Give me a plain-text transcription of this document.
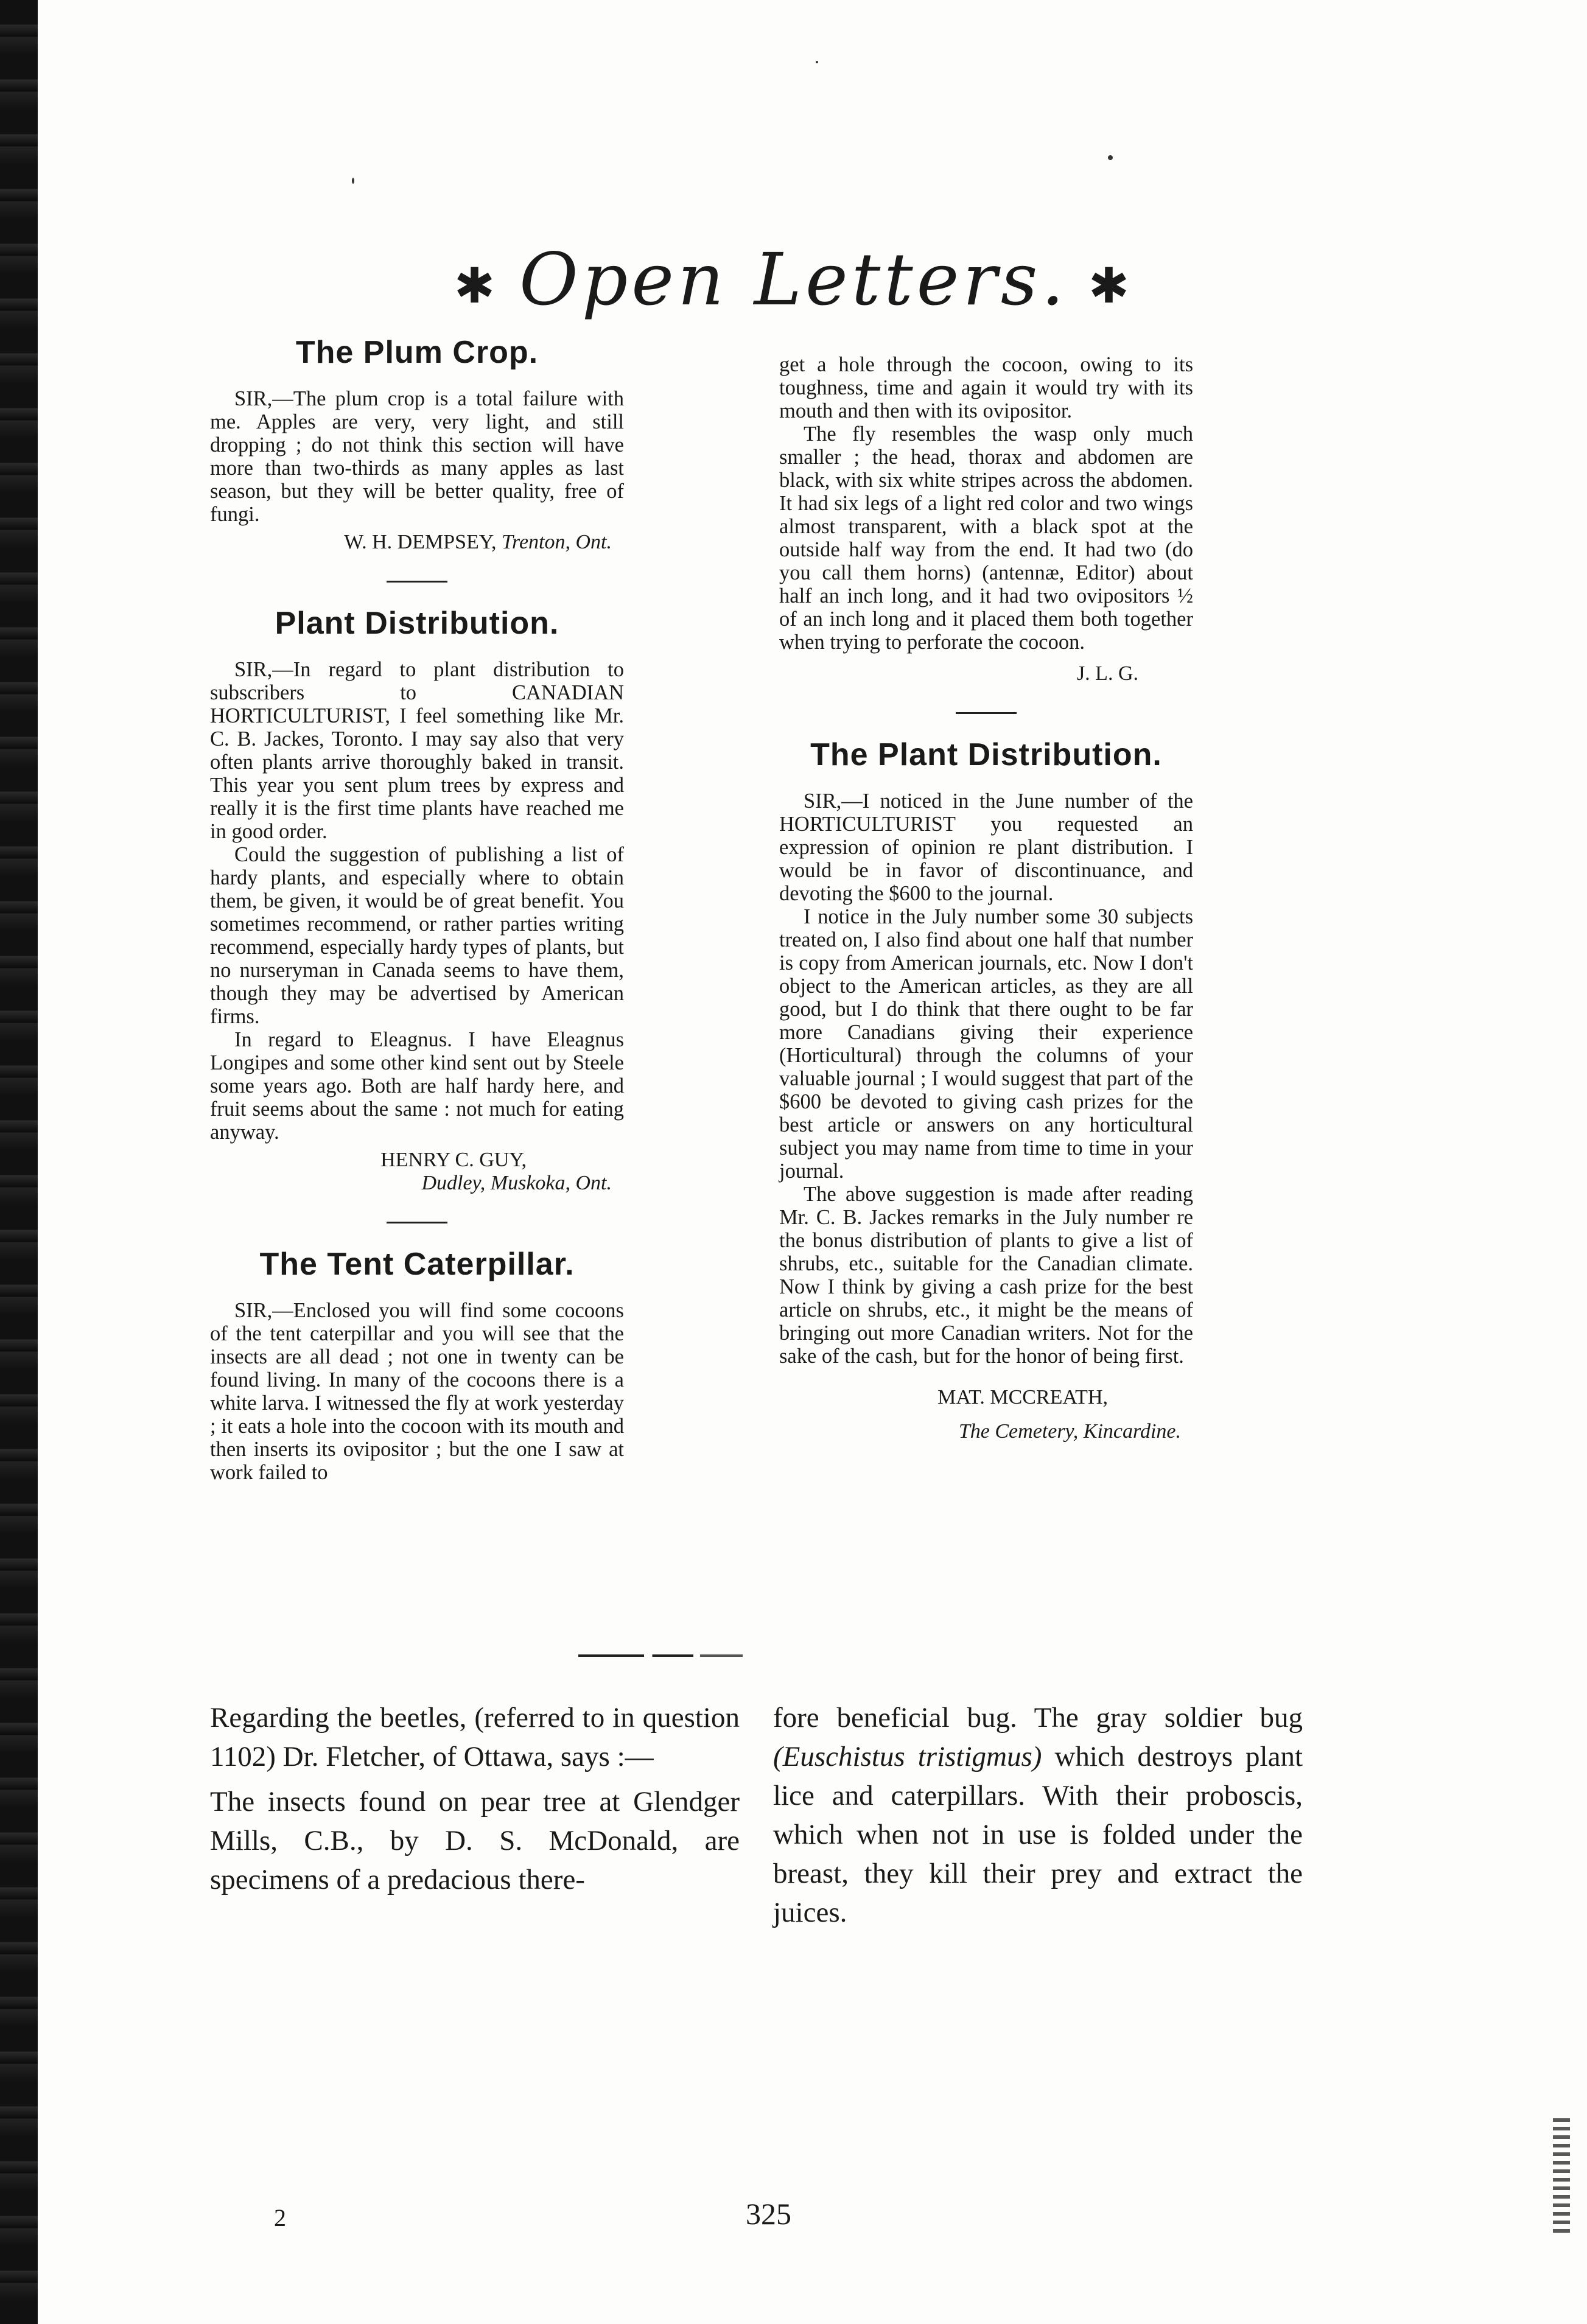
✱ Open Letters. ✱
The Plum Crop.

SIR,—The plum crop is a total failure with me. Apples are very, very light, and still dropping ; do not think this section will have more than two-thirds as many apples as last season, but they will be better quality, free of fungi.

W. H. DEMPSEY, Trenton, Ont.
Plant Distribution.

SIR,—In regard to plant distribution to subscribers to CANADIAN HORTICULTURIST, I feel something like Mr. C. B. Jackes, Toronto. I may say also that very often plants arrive thoroughly baked in transit. This year you sent plum trees by express and really it is the first time plants have reached me in good order.

Could the suggestion of publishing a list of hardy plants, and especially where to obtain them, be given, it would be of great benefit. You sometimes recommend, or rather parties writing recommend, especially hardy types of plants, but no nurseryman in Canada seems to have them, though they may be advertised by American firms.

In regard to Eleagnus. I have Eleagnus Longipes and some other kind sent out by Steele some years ago. Both are half hardy here, and fruit seems about the same : not much for eating anyway.

HENRY C. GUY,
Dudley, Muskoka, Ont.
The Tent Caterpillar.

SIR,—Enclosed you will find some cocoons of the tent caterpillar and you will see that the insects are all dead ; not one in twenty can be found living. In many of the cocoons there is a white larva. I witnessed the fly at work yesterday ; it eats a hole into the cocoon with its mouth and then inserts its ovipositor ; but the one I saw at work failed to

get a hole through the cocoon, owing to its toughness, time and again it would try with its mouth and then with its ovipositor.

The fly resembles the wasp only much smaller ; the head, thorax and abdomen are black, with six white stripes across the abdomen. It had six legs of a light red color and two wings almost transparent, with a black spot at the outside half way from the end. It had two (do you call them horns) (antennæ, Editor) about half an inch long, and it had two ovipositors ½ of an inch long and it placed them both together when trying to perforate the cocoon.

J. L. G.
The Plant Distribution.

SIR,—I noticed in the June number of the HORTICULTURIST you requested an expression of opinion re plant distribution. I would be in favor of discontinuance, and devoting the $600 to the journal.

I notice in the July number some 30 subjects treated on, I also find about one half that number is copy from American journals, etc. Now I don't object to the American articles, as they are all good, but I do think that there ought to be far more Canadians giving their experience (Horticultural) through the columns of your valuable journal ; I would suggest that part of the $600 be devoted to giving cash prizes for the best article or answers on any horticultural subject you may name from time to time in your journal.

The above suggestion is made after reading Mr. C. B. Jackes remarks in the July number re the bonus distribution of plants to give a list of shrubs, etc., suitable for the Canadian climate. Now I think by giving a cash prize for the best article on shrubs, etc., it might be the means of bringing out more Canadian writers. Not for the sake of the cash, but for the honor of being first.

MAT. MCCREATH,
The Cemetery, Kincardine.

Regarding the beetles, (referred to in question 1102) Dr. Fletcher, of Ottawa, says :—

The insects found on pear tree at Glendger Mills, C.B., by D. S. McDonald, are specimens of a predacious there-

fore beneficial bug. The gray soldier bug (Euschistus tristigmus) which destroys plant lice and caterpillars. With their proboscis, which when not in use is folded under the breast, they kill their prey and extract the juices.

2	325
